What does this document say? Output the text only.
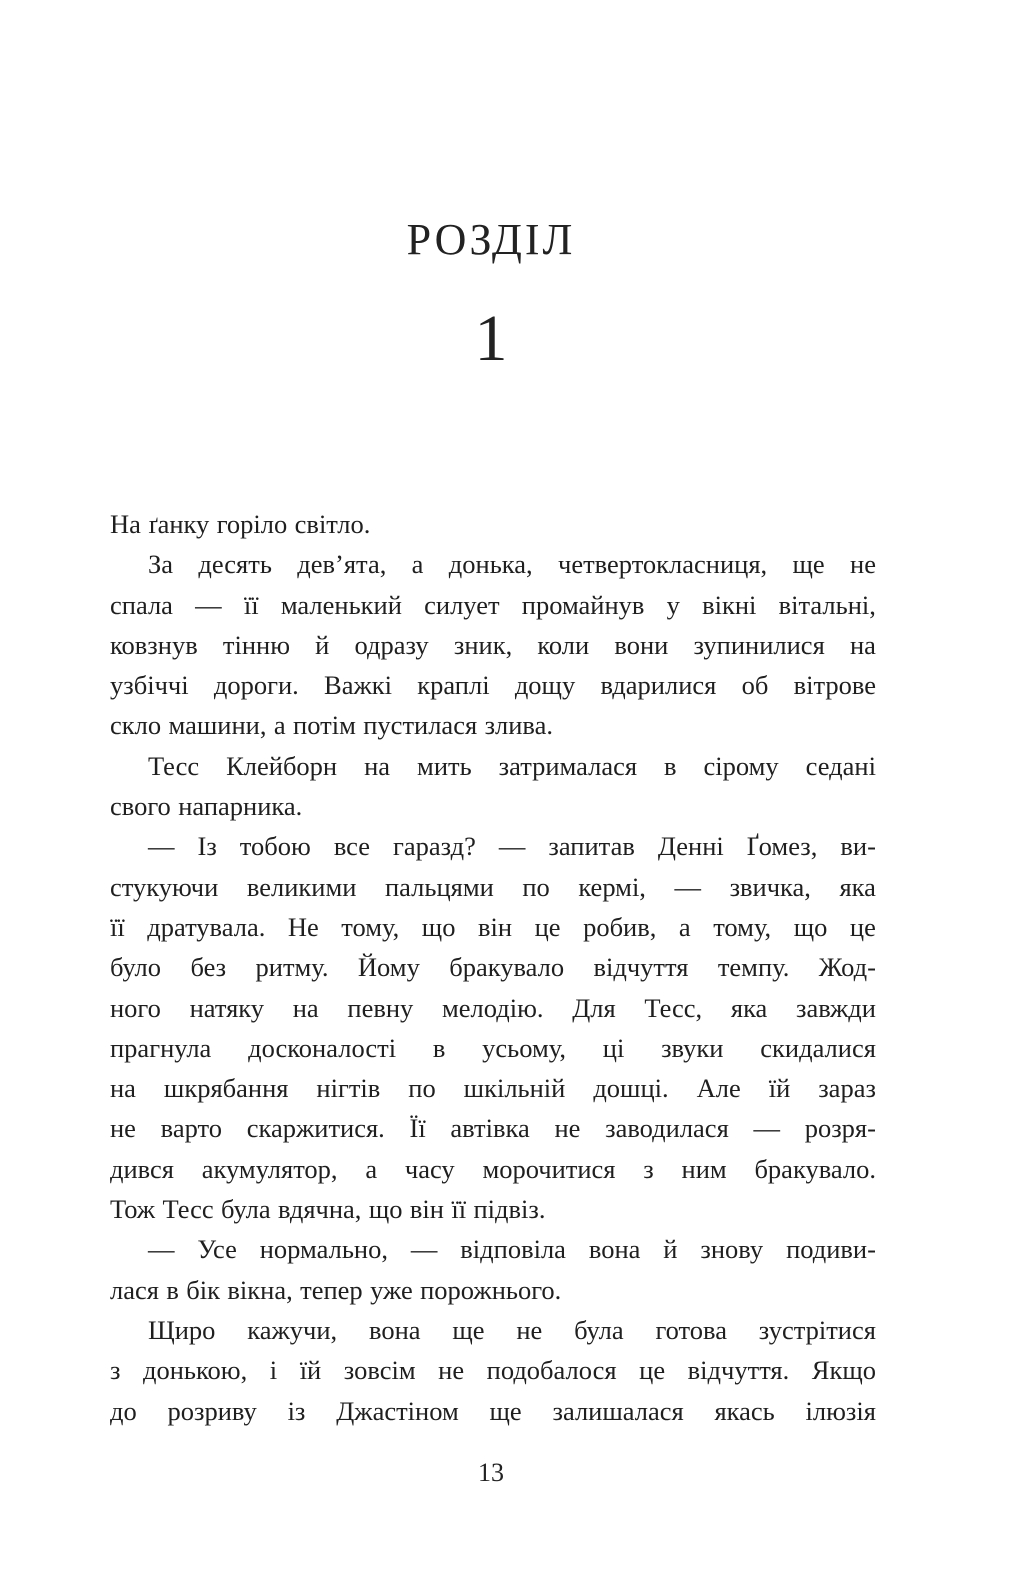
РОЗДІЛ
1
На ґанку горіло світло.
За десять дев’ята, а донька, четвертокласниця, ще не
спала — її маленький силует промайнув у вікні вітальні,
ковзнув тінню й одразу зник, коли вони зупинилися на
узбіччі дороги. Важкі краплі дощу вдарилися об вітрове
скло машини, а потім пустилася злива.
Тесс Клейборн на мить затрималася в сірому седані
свого напарника.
— Із тобою все гаразд? — запитав Денні Ґомез, ви-
стукуючи великими пальцями по кермі, — звичка, яка
її дратувала. Не тому, що він це робив, а тому, що це
було без ритму. Йому бракувало відчуття темпу. Жод-
ного натяку на певну мелодію. Для Тесс, яка завжди
прагнула досконалості в усьому, ці звуки скидалися
на шкрябання нігтів по шкільній дошці. Але їй зараз
не варто скаржитися. Її автівка не заводилася — розря-
дився акумулятор, а часу морочитися з ним бракувало.
Тож Тесс була вдячна, що він її підвіз.
— Усе нормально, — відповіла вона й знову подиви-
лася в бік вікна, тепер уже порожнього.
Щиро кажучи, вона ще не була готова зустрітися
з донькою, і їй зовсім не подобалося це відчуття. Якщо
до розриву із Джастіном ще залишалася якась ілюзія
13
